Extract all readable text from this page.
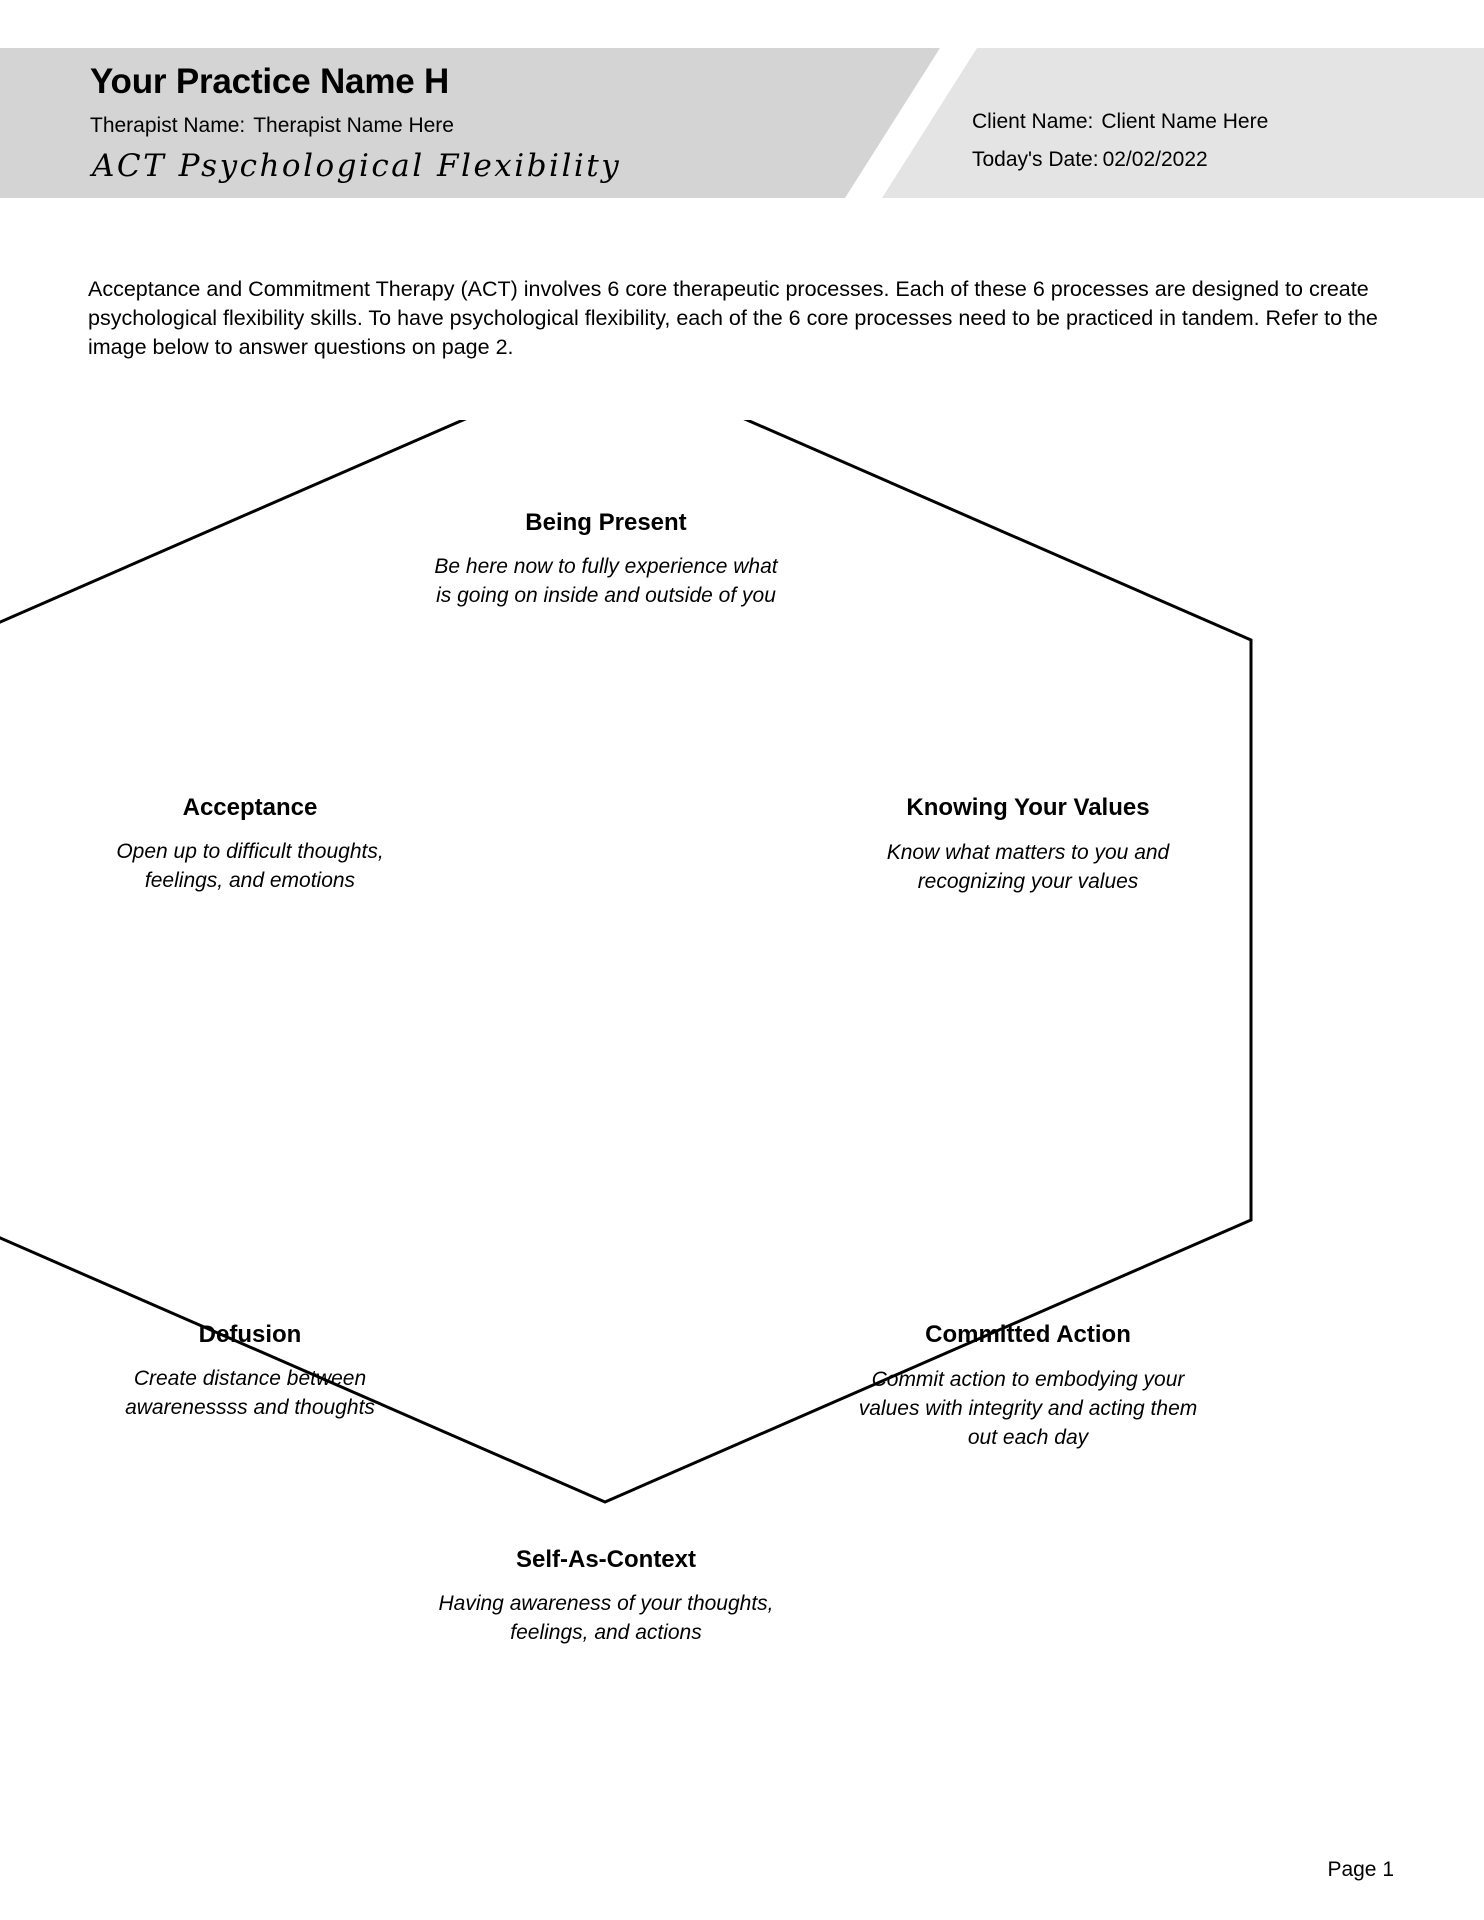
Your Practice Name H
Therapist Name: Therapist Name Here
ACT Psychological Flexibility
Client Name: Client Name Here
Today's Date: 02/02/2022
Acceptance and Commitment Therapy (ACT) involves 6 core therapeutic processes. Each of these 6 processes are designed to create psychological flexibility skills. To have psychological flexibility, each of the 6 core processes need to be practiced in tandem. Refer to the image below to answer questions on page 2.
Being Present
Be here now to fully experience what is going on inside and outside of you
Acceptance
Open up to difficult thoughts, feelings, and emotions
Knowing Your Values
Know what matters to you and recognizing your values
Defusion
Create distance between awarenessss and thoughts
Committed Action
Commit action to embodying your values with integrity and acting them out each day
Self-As-Context
Having awareness of your thoughts, feelings, and actions
Page 1
